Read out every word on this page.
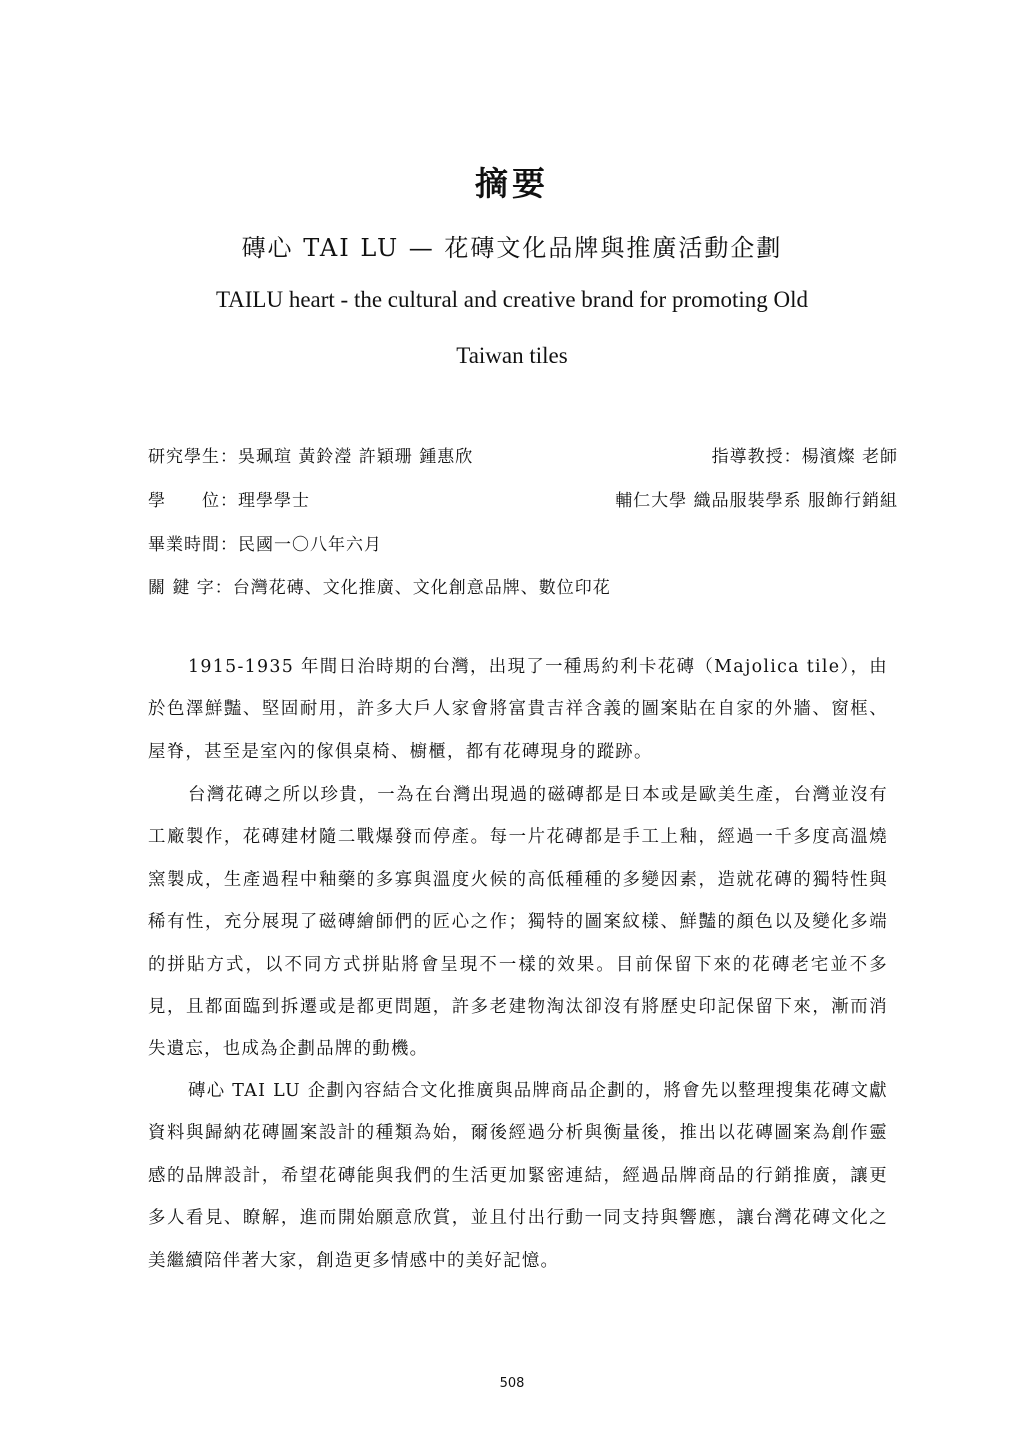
摘要
磚心 TAI LU — 花磚文化品牌與推廣活動企劃
TAILU heart - the cultural and creative brand for promoting Old
Taiwan tiles
研究學生：吳珮瑄 黃鈴瀅 許穎珊 鍾惠欣	指導教授：楊濱燦 老師
學　　位：理學學士	輔仁大學 織品服裝學系 服飾行銷組
畢業時間：民國一〇八年六月
關 鍵 字：台灣花磚、文化推廣、文化創意品牌、數位印花

1915-1935 年間日治時期的台灣，出現了一種馬約利卡花磚（Majolica tile），由於色澤鮮豔、堅固耐用，許多大戶人家會將富貴吉祥含義的圖案貼在自家的外牆、窗框、屋脊，甚至是室內的傢俱桌椅、櫥櫃，都有花磚現身的蹤跡。

台灣花磚之所以珍貴，一為在台灣出現過的磁磚都是日本或是歐美生產，台灣並沒有工廠製作，花磚建材隨二戰爆發而停產。每一片花磚都是手工上釉，經過一千多度高溫燒窯製成，生產過程中釉藥的多寡與溫度火候的高低種種的多變因素，造就花磚的獨特性與稀有性，充分展現了磁磚繪師們的匠心之作；獨特的圖案紋樣、鮮豔的顏色以及變化多端的拼貼方式，以不同方式拼貼將會呈現不一樣的效果。目前保留下來的花磚老宅並不多見，且都面臨到拆遷或是都更問題，許多老建物淘汰卻沒有將歷史印記保留下來，漸而消失遺忘，也成為企劃品牌的動機。

磚心 TAI LU 企劃內容結合文化推廣與品牌商品企劃的，將會先以整理搜集花磚文獻資料與歸納花磚圖案設計的種類為始，爾後經過分析與衡量後，推出以花磚圖案為創作靈感的品牌設計，希望花磚能與我們的生活更加緊密連結，經過品牌商品的行銷推廣，讓更多人看見、瞭解，進而開始願意欣賞，並且付出行動一同支持與響應，讓台灣花磚文化之美繼續陪伴著大家，創造更多情感中的美好記憶。

508
